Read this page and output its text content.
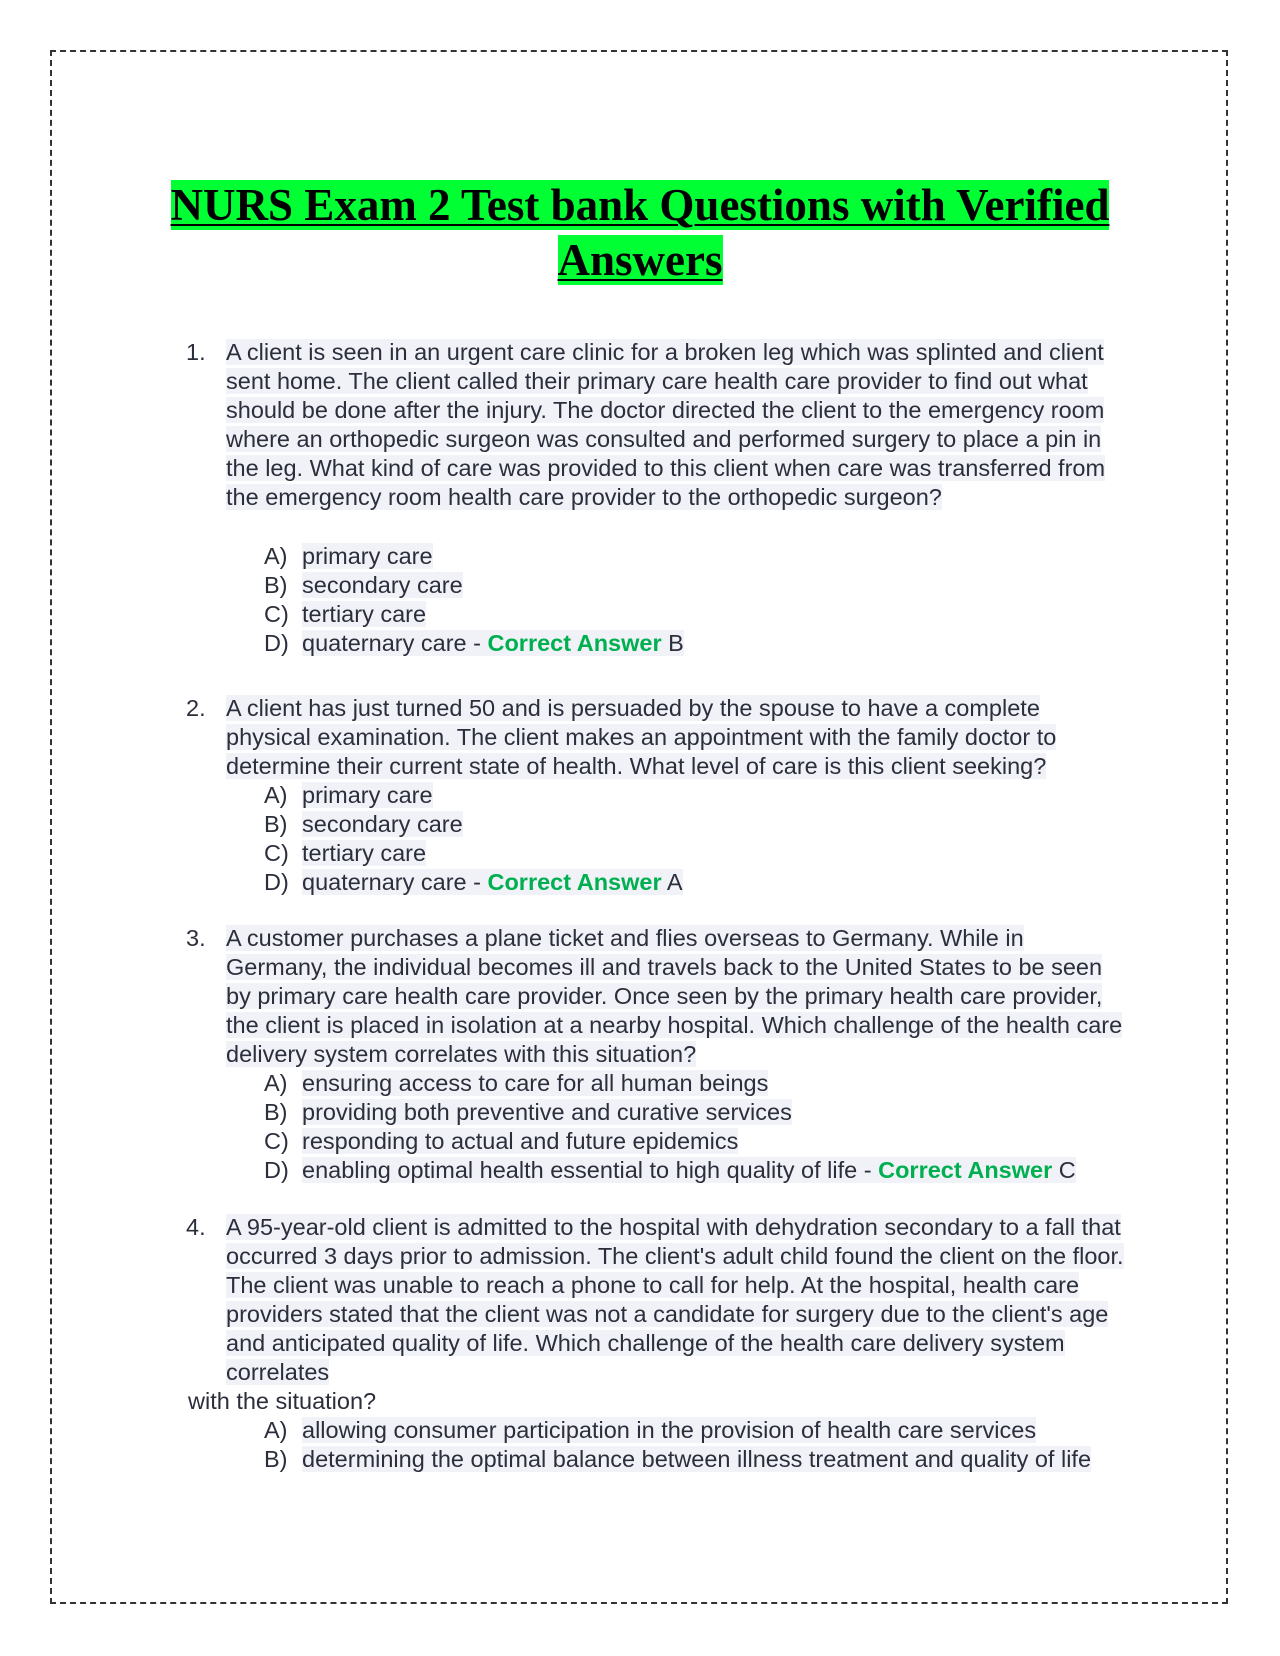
NURS Exam 2 Test bank Questions with Verified
Answers
1. A client is seen in an urgent care clinic for a broken leg which was splinted and client sent home. The client called their primary care health care provider to find out what should be done after the injury. The doctor directed the client to the emergency room where an orthopedic surgeon was consulted and performed surgery to place a pin in the leg. What kind of care was provided to this client when care was transferred from the emergency room health care provider to the orthopedic surgeon?
A) primary care
B) secondary care
C) tertiary care
D) quaternary care - Correct Answer B
2. A client has just turned 50 and is persuaded by the spouse to have a complete physical examination. The client makes an appointment with the family doctor to determine their current state of health. What level of care is this client seeking?
A) primary care
B) secondary care
C) tertiary care
D) quaternary care - Correct Answer A
3. A customer purchases a plane ticket and flies overseas to Germany. While in Germany, the individual becomes ill and travels back to the United States to be seen by primary care health care provider. Once seen by the primary health care provider, the client is placed in isolation at a nearby hospital. Which challenge of the health care delivery system correlates with this situation?
A) ensuring access to care for all human beings
B) providing both preventive and curative services
C) responding to actual and future epidemics
D) enabling optimal health essential to high quality of life - Correct Answer C
4. A 95-year-old client is admitted to the hospital with dehydration secondary to a fall that occurred 3 days prior to admission. The client's adult child found the client on the floor. The client was unable to reach a phone to call for help. At the hospital, health care providers stated that the client was not a candidate for surgery due to the client's age and anticipated quality of life. Which challenge of the health care delivery system correlates
with the situation?
A) allowing consumer participation in the provision of health care services
B) determining the optimal balance between illness treatment and quality of life
